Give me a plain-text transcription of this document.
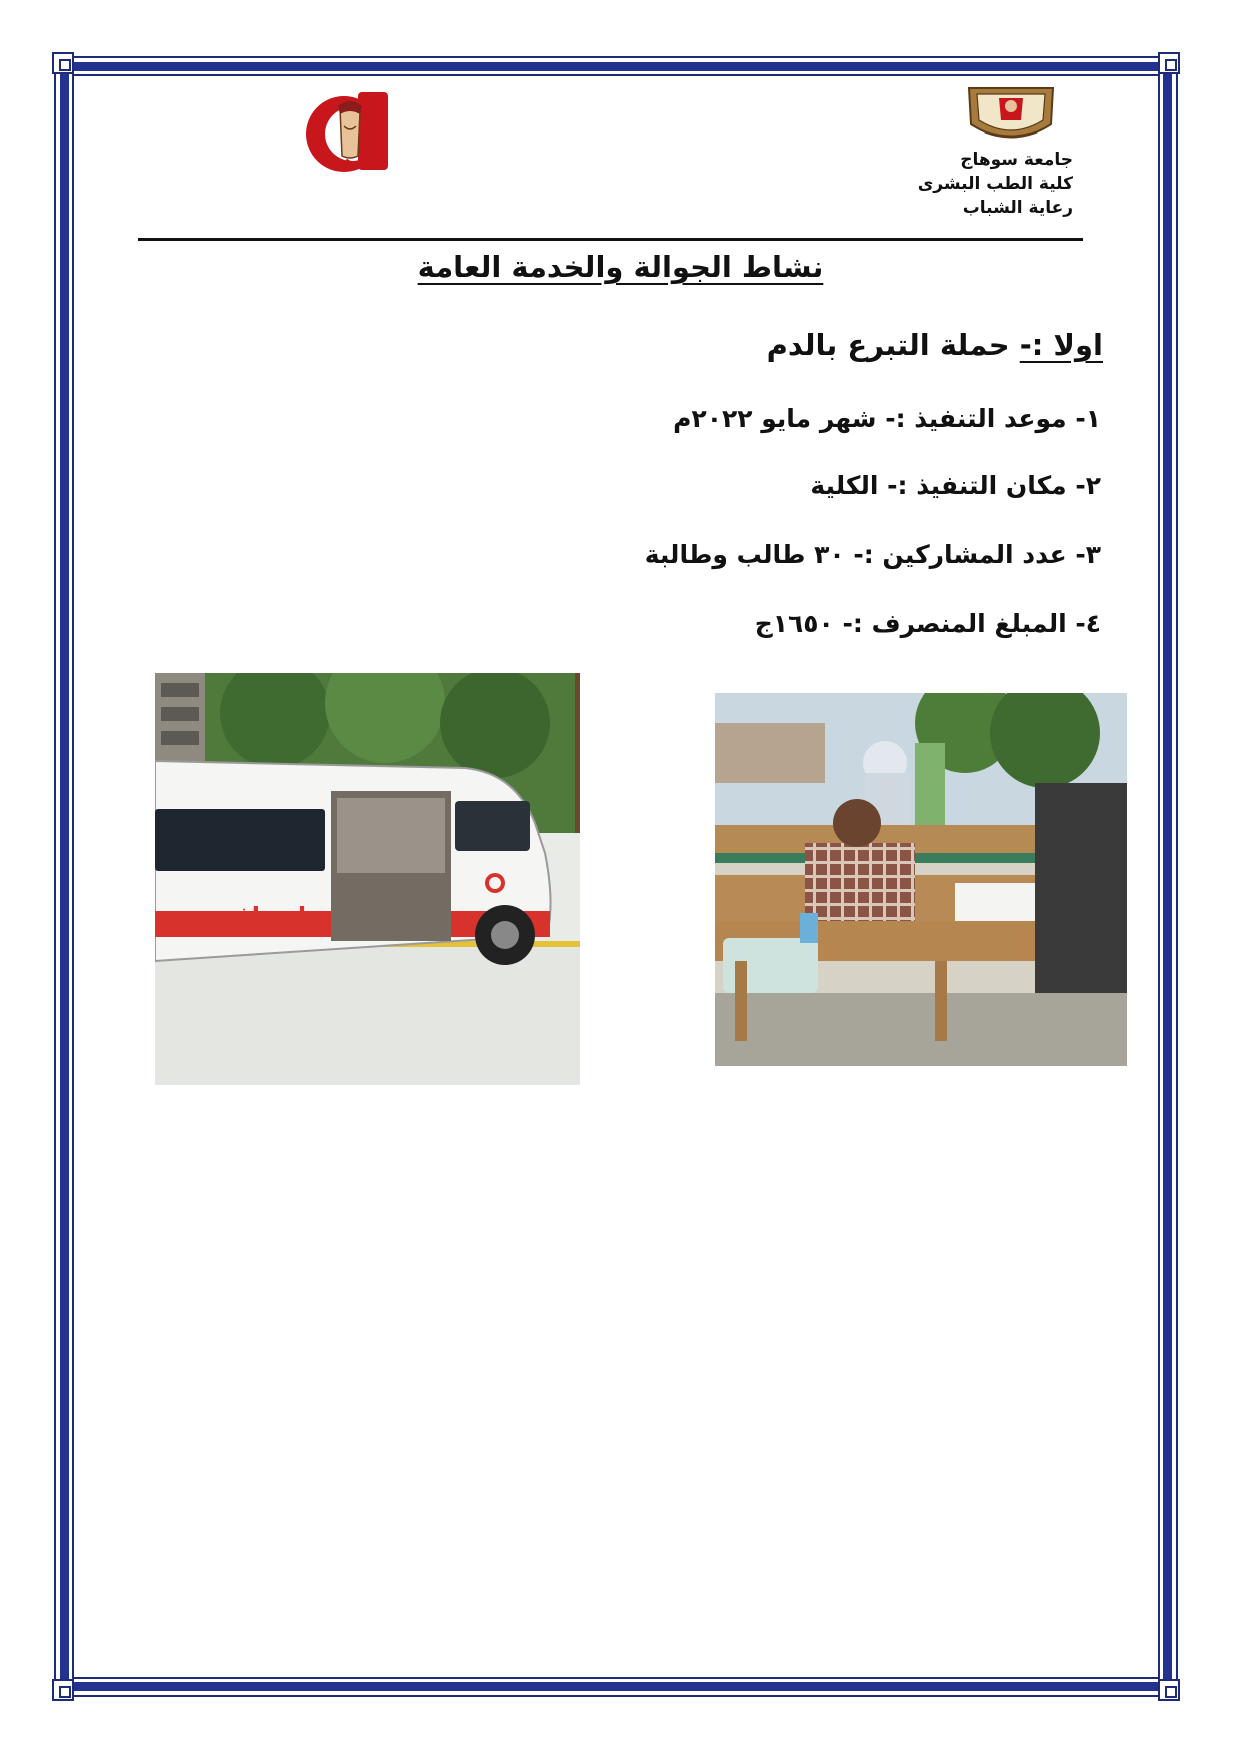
جامعة سوهاج
كلية الطب البشرى
رعاية الشباب
نشاط الجوالة والخدمة العامة
اولا :- حملة التبرع بالدم
١- موعد التنفيذ :- شهر مايو ٢٠٢٢م
٢- مكان التنفيذ :- الكلية
٣- عدد المشاركين :- ٣٠ طالب وطالبة
٤- المبلغ المنصرف :- ١٦٥٠ج
اسعاف
